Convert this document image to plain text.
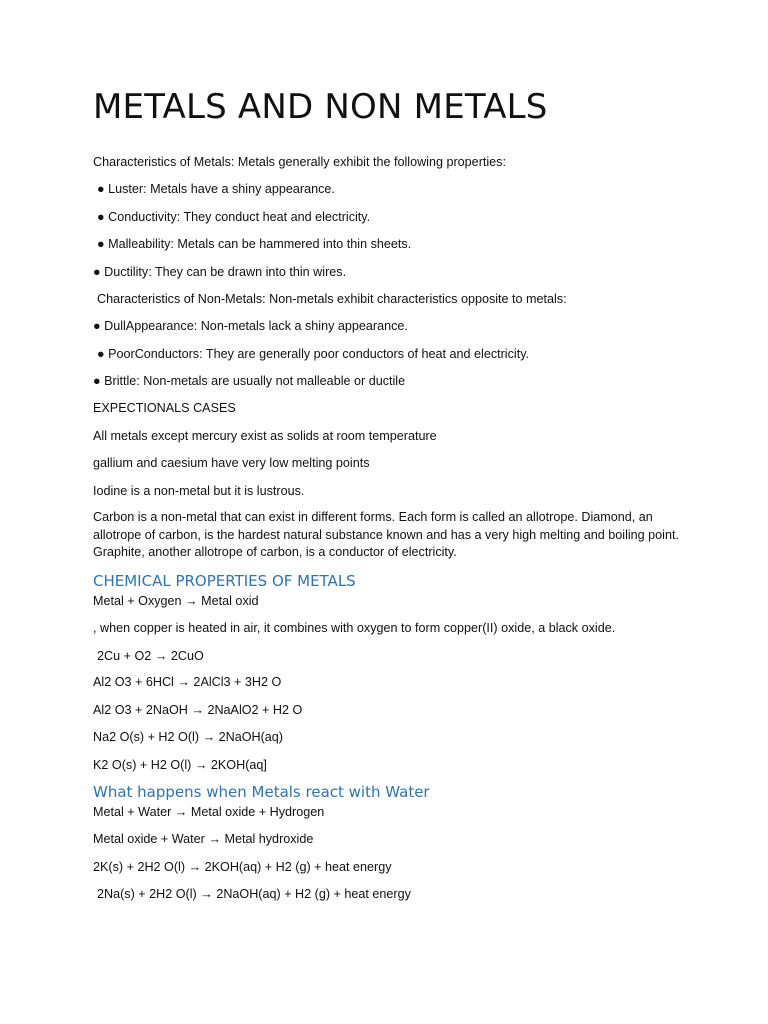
METALS AND NON METALS

Characteristics of Metals: Metals generally exhibit the following properties:

● Luster: Metals have a shiny appearance.

● Conductivity: They conduct heat and electricity.

● Malleability: Metals can be hammered into thin sheets.

● Ductility: They can be drawn into thin wires.

Characteristics of Non-Metals: Non-metals exhibit characteristics opposite to metals:

● DullAppearance: Non-metals lack a shiny appearance.

● PoorConductors: They are generally poor conductors of heat and electricity.

● Brittle: Non-metals are usually not malleable or ductile

EXPECTIONALS CASES

All metals except mercury exist as solids at room temperature

gallium and caesium have very low melting points

Iodine is a non-metal but it is lustrous.

Carbon is a non-metal that can exist in different forms. Each form is called an allotrope. Diamond, an allotrope of carbon, is the hardest natural substance known and has a very high melting and boiling point. Graphite, another allotrope of carbon, is a conductor of electricity.

CHEMICAL PROPERTIES OF METALS

Metal + Oxygen → Metal oxid

, when copper is heated in air, it combines with oxygen to form copper(II) oxide, a black oxide.

2Cu + O2 → 2CuO

Al2 O3 + 6HCl → 2AlCl3 + 3H2 O

Al2 O3 + 2NaOH → 2NaAlO2 + H2 O

Na2 O(s) + H2 O(l) → 2NaOH(aq)

K2 O(s) + H2 O(l) → 2KOH(aq]

What happens when Metals react with Water

Metal + Water → Metal oxide + Hydrogen

Metal oxide + Water → Metal hydroxide

2K(s) + 2H2 O(l) → 2KOH(aq) + H2 (g) + heat energy

2Na(s) + 2H2 O(l) → 2NaOH(aq) + H2 (g) + heat energy
